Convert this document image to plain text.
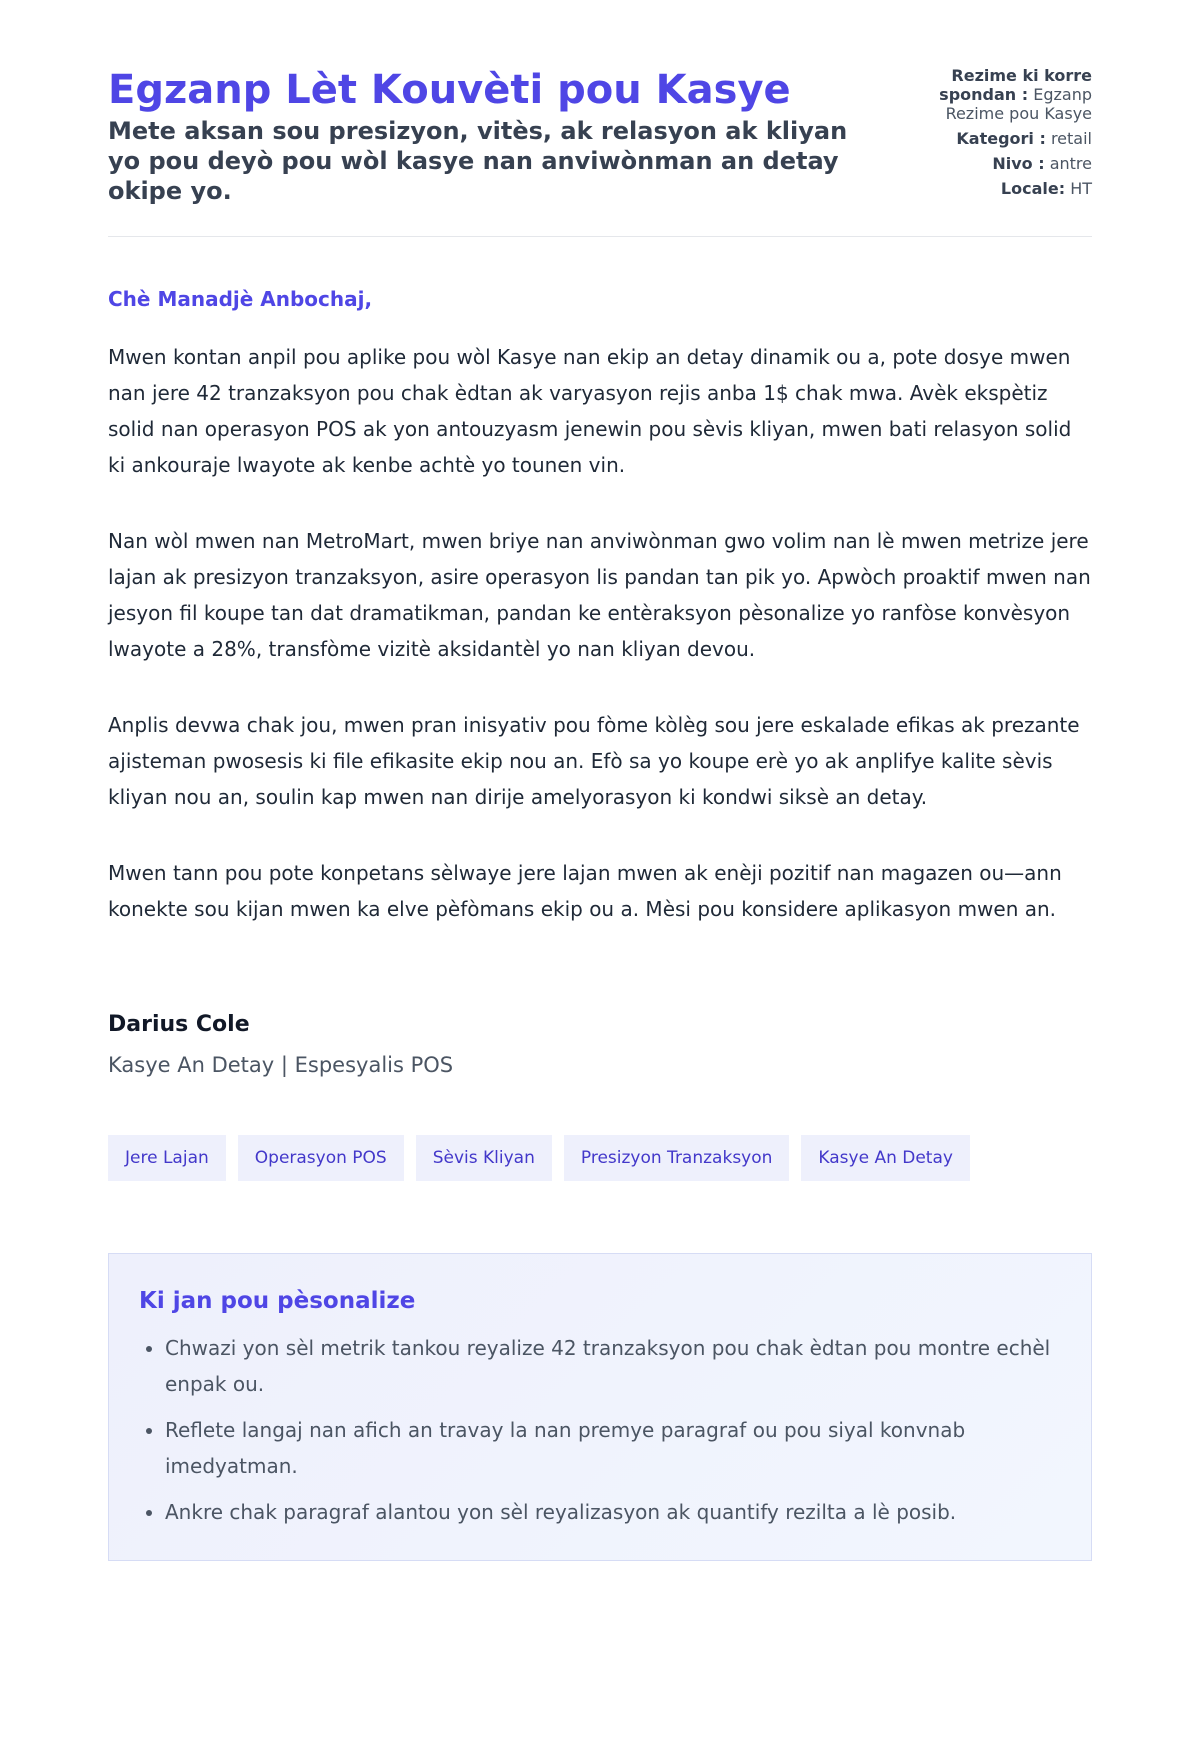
Egzanp Lèt Kouvèti pou Kasye

Mete aksan sou presizyon, vitès, ak relasyon ak kliyan yo pou deyò pou wòl kasye nan anviwònman an detay okipe yo.

Rezime ki korre spondan : Egzanp Rezime pou Kasye
Kategori : retail
Nivo : antre
Locale: HT

Chè Manadjè Anbochaj,

Mwen kontan anpil pou aplike pou wòl Kasye nan ekip an detay dinamik ou a, pote dosye mwen nan jere 42 tranzaksyon pou chak èdtan ak varyasyon rejis anba 1$ chak mwa. Avèk ekspètiz solid nan operasyon POS ak yon antouzyasm jenewin pou sèvis kliyan, mwen bati relasyon solid ki ankouraje lwayote ak kenbe achtè yo tounen vin.

Nan wòl mwen nan MetroMart, mwen briye nan anviwònman gwo volim nan lè mwen metrize jere lajan ak presizyon tranzaksyon, asire operasyon lis pandan tan pik yo. Apwòch proaktif mwen nan jesyon fil koupe tan dat dramatikman, pandan ke entèraksyon pèsonalize yo ranfòse konvèsyon lwayote a 28%, transfòme vizitè aksidantèl yo nan kliyan devou.

Anplis devwa chak jou, mwen pran inisyativ pou fòme kòlèg sou jere eskalade efikas ak prezante ajisteman pwosesis ki file efikasite ekip nou an. Efò sa yo koupe erè yo ak anplifye kalite sèvis kliyan nou an, soulin kap mwen nan dirije amelyorasyon ki kondwi siksè an detay.

Mwen tann pou pote konpetans sèlwaye jere lajan mwen ak enèji pozitif nan magazen ou—ann konekte sou kijan mwen ka elve pèfòmans ekip ou a. Mèsi pou konsidere aplikasyon mwen an.

Darius Cole
Kasye An Detay | Espesyalis POS
Jere Lajan	Operasyon POS	Sèvis Kliyan	Presizyon Tranzaksyon	Kasye An Detay
Ki jan pou pèsonalize
• Chwazi yon sèl metrik tankou reyalize 42 tranzaksyon pou chak èdtan pou montre echèl enpak ou.
• Reflete langaj nan afich an travay la nan premye paragraf ou pou siyal konvnab imedyatman.
• Ankre chak paragraf alantou yon sèl reyalizasyon ak quantify rezilta a lè posib.
